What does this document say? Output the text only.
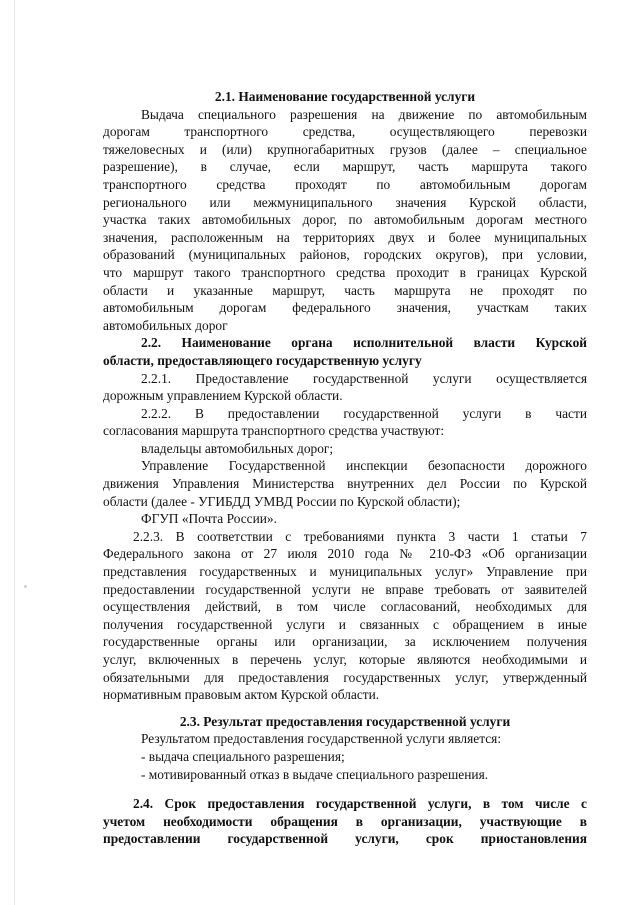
2.1. Наименование государственной услуги
Выдача специального разрешения на движение по автомобильным
дорогам транспортного средства, осуществляющего перевозки
тяжеловесных и (или) крупногабаритных грузов (далее – специальное
разрешение), в случае, если маршрут, часть маршрута такого
транспортного средства проходят по автомобильным дорогам
регионального или межмуниципального значения Курской области,
участка таких автомобильных дорог, по автомобильным дорогам местного
значения, расположенным на территориях двух и более муниципальных
образований (муниципальных районов, городских округов), при условии,
что маршрут такого транспортного средства проходит в границах Курской
области и указанные маршрут, часть маршрута не проходят по
автомобильным дорогам федерального значения, участкам таких
автомобильных дорог
2.2. Наименование органа исполнительной власти Курской
области, предоставляющего государственную услугу
2.2.1. Предоставление государственной услуги осуществляется
дорожным управлением Курской области.
2.2.2. В предоставлении государственной услуги в части
согласования маршрута транспортного средства участвуют:
владельцы автомобильных дорог;
Управление Государственной инспекции безопасности дорожного
движения Управления Министерства внутренних дел России по Курской
области (далее - УГИБДД УМВД России по Курской области);
ФГУП «Почта России».
2.2.3. В соответствии с требованиями пункта 3 части 1 статьи 7
Федерального закона от 27 июля 2010 года № 210-ФЗ «Об организации
представления государственных и муниципальных услуг» Управление при
предоставлении государственной услуги не вправе требовать от заявителей
осуществления действий, в том числе согласований, необходимых для
получения государственной услуги и связанных с обращением в иные
государственные органы или организации, за исключением получения
услуг, включенных в перечень услуг, которые являются необходимыми и
обязательными для предоставления государственных услуг, утвержденный
нормативным правовым актом Курской области.
2.3. Результат предоставления государственной услуги
Результатом предоставления государственной услуги является:
- выдача специального разрешения;
- мотивированный отказ в выдаче специального разрешения.
2.4. Срок предоставления государственной услуги, в том числе с
учетом необходимости обращения в организации, участвующие в
предоставлении государственной услуги, срок приостановления
